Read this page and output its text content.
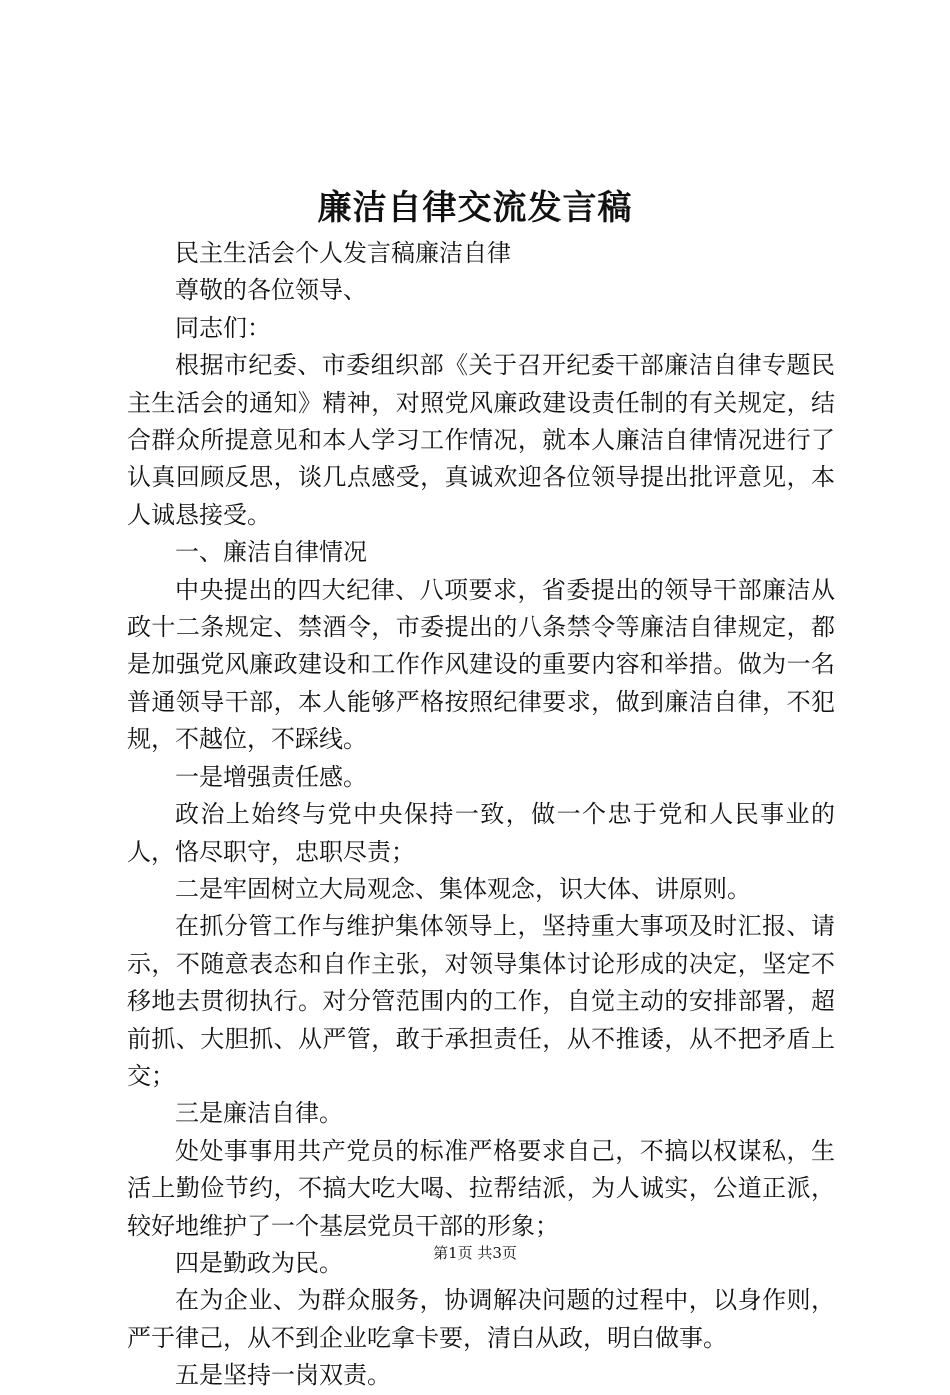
廉洁自律交流发言稿

民主生活会个人发言稿廉洁自律

尊敬的各位领导、

同志们：

根据市纪委、市委组织部《关于召开纪委干部廉洁自律专题民主生活会的通知》精神，对照党风廉政建设责任制的有关规定，结合群众所提意见和本人学习工作情况，就本人廉洁自律情况进行了认真回顾反思，谈几点感受，真诚欢迎各位领导提出批评意见，本人诚恳接受。

一、廉洁自律情况

中央提出的四大纪律、八项要求，省委提出的领导干部廉洁从政十二条规定、禁酒令，市委提出的八条禁令等廉洁自律规定，都是加强党风廉政建设和工作作风建设的重要内容和举措。做为一名普通领导干部，本人能够严格按照纪律要求，做到廉洁自律，不犯规，不越位，不踩线。

一是增强责任感。

政治上始终与党中央保持一致，做一个忠于党和人民事业的人，恪尽职守，忠职尽责；

二是牢固树立大局观念、集体观念，识大体、讲原则。

在抓分管工作与维护集体领导上，坚持重大事项及时汇报、请示，不随意表态和自作主张，对领导集体讨论形成的决定，坚定不移地去贯彻执行。对分管范围内的工作，自觉主动的安排部署，超前抓、大胆抓、从严管，敢于承担责任，从不推诿，从不把矛盾上交；

三是廉洁自律。

处处事事用共产党员的标准严格要求自己，不搞以权谋私，生活上勤俭节约，不搞大吃大喝、拉帮结派，为人诚实，公道正派，较好地维护了一个基层党员干部的形象；

四是勤政为民。

在为企业、为群众服务，协调解决问题的过程中，以身作则，严于律己，从不到企业吃拿卡要，清白从政，明白做事。

五是坚持一岗双责。

第1页 共3页
